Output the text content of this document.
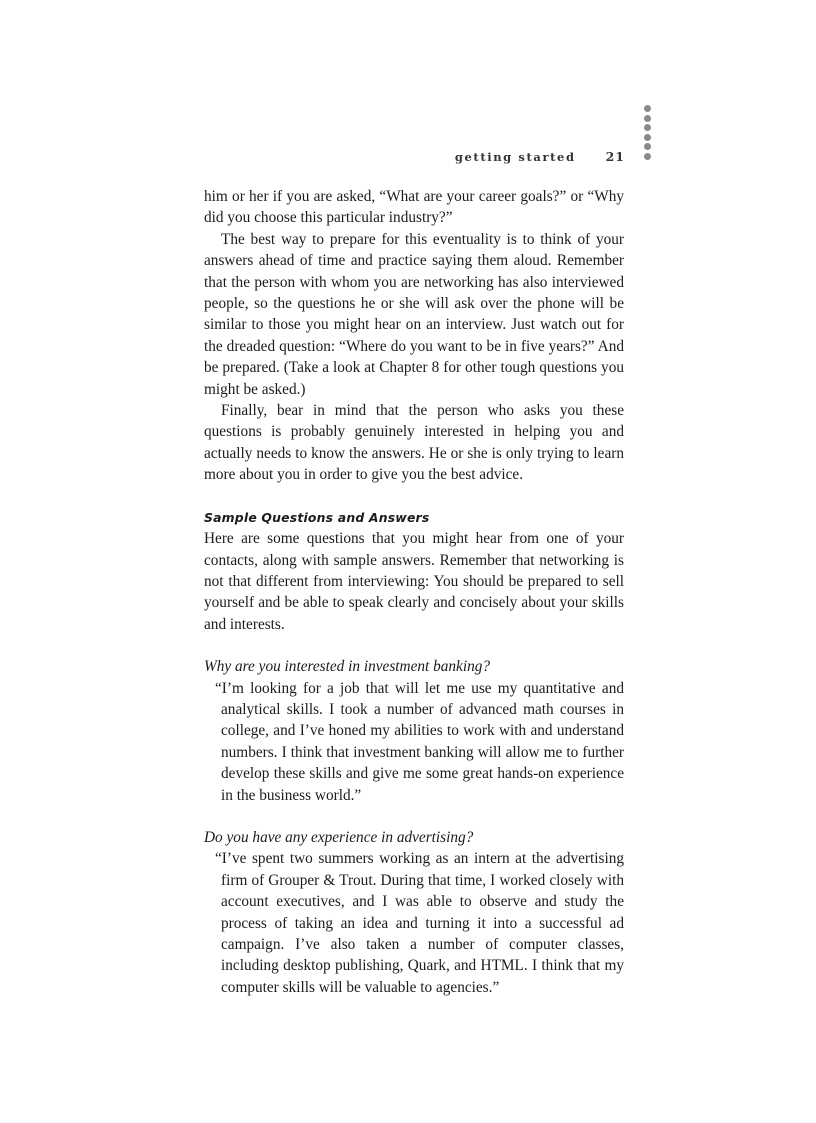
getting started 21

him or her if you are asked, “What are your career goals?” or “Why did you choose this particular industry?”

The best way to prepare for this eventuality is to think of your answers ahead of time and practice saying them aloud. Remember that the person with whom you are networking has also interviewed people, so the questions he or she will ask over the phone will be similar to those you might hear on an interview. Just watch out for the dreaded question: “Where do you want to be in five years?” And be prepared. (Take a look at Chapter 8 for other tough questions you might be asked.)

Finally, bear in mind that the person who asks you these questions is probably genuinely interested in helping you and actually needs to know the answers. He or she is only trying to learn more about you in order to give you the best advice.

Sample Questions and Answers

Here are some questions that you might hear from one of your contacts, along with sample answers. Remember that networking is not that different from interviewing: You should be prepared to sell yourself and be able to speak clearly and concisely about your skills and interests.

Why are you interested in investment banking?

“I’m looking for a job that will let me use my quantitative and analytical skills. I took a number of advanced math courses in college, and I’ve honed my abilities to work with and understand numbers. I think that investment banking will allow me to further develop these skills and give me some great hands-on experience in the business world.”

Do you have any experience in advertising?

“I’ve spent two summers working as an intern at the advertising firm of Grouper & Trout. During that time, I worked closely with account executives, and I was able to observe and study the process of taking an idea and turning it into a successful ad campaign. I’ve also taken a number of computer classes, including desktop publishing, Quark, and HTML. I think that my computer skills will be valuable to agencies.”
